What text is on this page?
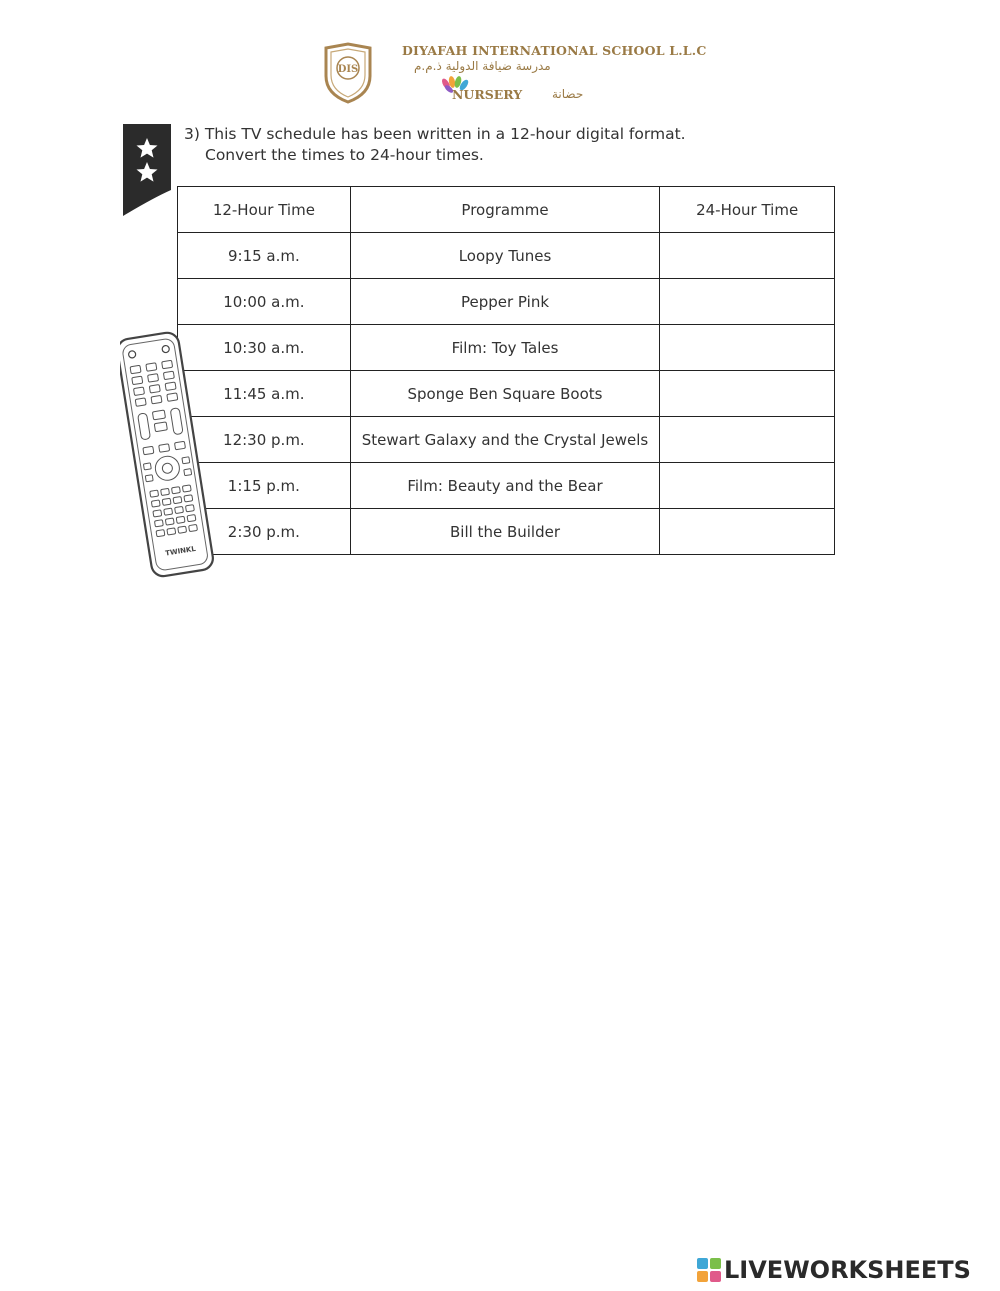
DIS
DIYAFAH INTERNATIONAL SCHOOL L.L.C
مدرسة ضيافة الدولية ذ.م.م
NURSERY حضانة
3) This TV schedule has been written in a 12-hour digital format.
Convert the times to 24-hour times.
12-Hour Time	Programme	24-Hour Time
9:15 a.m.	Loopy Tunes	
10:00 a.m.	Pepper Pink	
10:30 a.m.	Film: Toy Tales	
11:45 a.m.	Sponge Ben Square Boots	
12:30 p.m.	Stewart Galaxy and the Crystal Jewels	
1:15 p.m.	Film: Beauty and the Bear	
2:30 p.m.	Bill the Builder	
TWINKL
LIVEWORKSHEETS
